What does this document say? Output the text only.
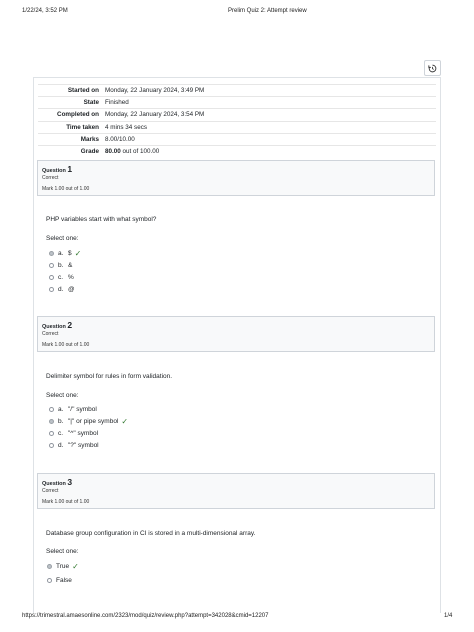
1/22/24, 3:52 PM	Prelim Quiz 2: Attempt review
Started on	Monday, 22 January 2024, 3:49 PM
State	Finished
Completed on	Monday, 22 January 2024, 3:54 PM
Time taken	4 mins 34 secs
Marks	8.00/10.00
Grade	80.00 out of 100.00
Question 1
Correct
Mark 1.00 out of 1.00
PHP variables start with what symbol?
Select one:
a. $ ✓
b. &
c. %
d. @
Question 2
Correct
Mark 1.00 out of 1.00
Delimiter symbol for rules in form validation.
Select one:
a. "/" symbol
b. "|" or pipe symbol ✓
c. "^" symbol
d. "?" symbol
Question 3
Correct
Mark 1.00 out of 1.00
Database group configuration in CI is stored in a multi-dimensional array.
Select one:
True ✓
False
https://trimestral.amaesonline.com/2323/mod/quiz/review.php?attempt=342028&cmid=12207	1/4
